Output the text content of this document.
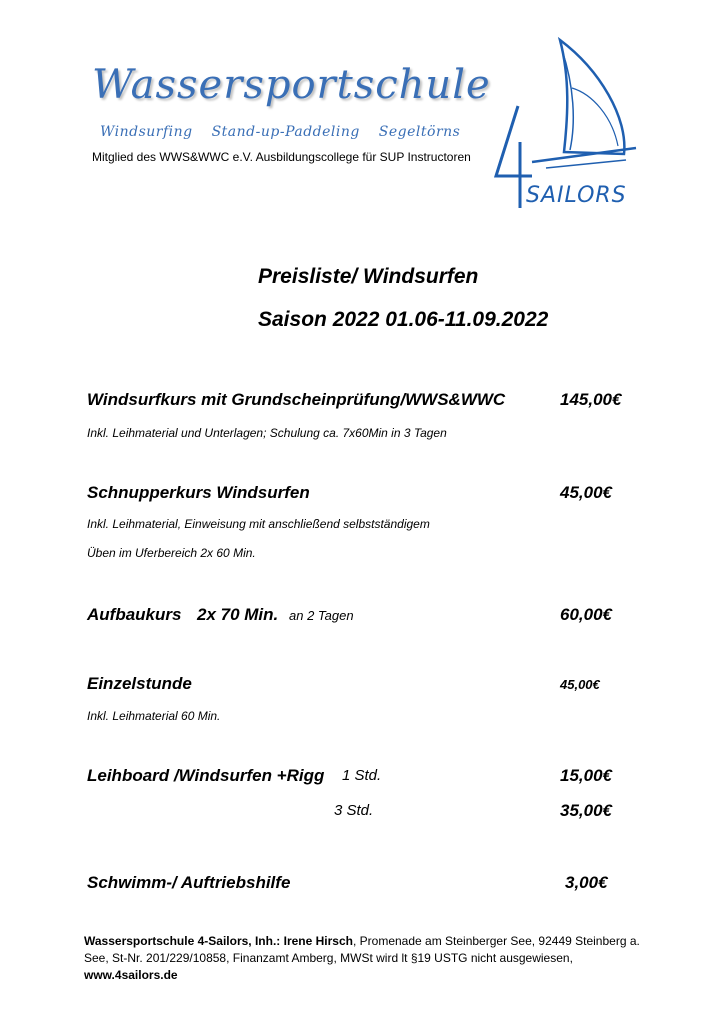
Wassersportschule
Windsurfing Stand-up-Paddeling Segeltörns
Mitglied des WWS&WWC e.V. Ausbildungscollege für SUP Instructoren
SAILORS
Preisliste/ Windsurfen
Saison 2022 01.06-11.09.2022
Windsurfkurs mit Grundscheinprüfung/WWS&WWC	145,00€
Inkl. Leihmaterial und Unterlagen; Schulung ca. 7x60Min in 3 Tagen
Schnupperkurs Windsurfen	45,00€
Inkl. Leihmaterial, Einweisung mit anschließend selbstständigem
Üben im Uferbereich 2x 60 Min.
Aufbaukurs 2x 70 Min. an 2 Tagen	60,00€
Einzelstunde	45,00€
Inkl. Leihmaterial 60 Min.
Leihboard /Windsurfen +Rigg 1 Std.	15,00€
3 Std.	35,00€
Schwimm-/ Auftriebshilfe	3,00€
Wassersportschule 4-Sailors, Inh.: Irene Hirsch, Promenade am Steinberger See, 92449 Steinberg a. See, St-Nr. 201/229/10858, Finanzamt Amberg, MWSt wird lt §19 USTG nicht ausgewiesen,
www.4sailors.de
